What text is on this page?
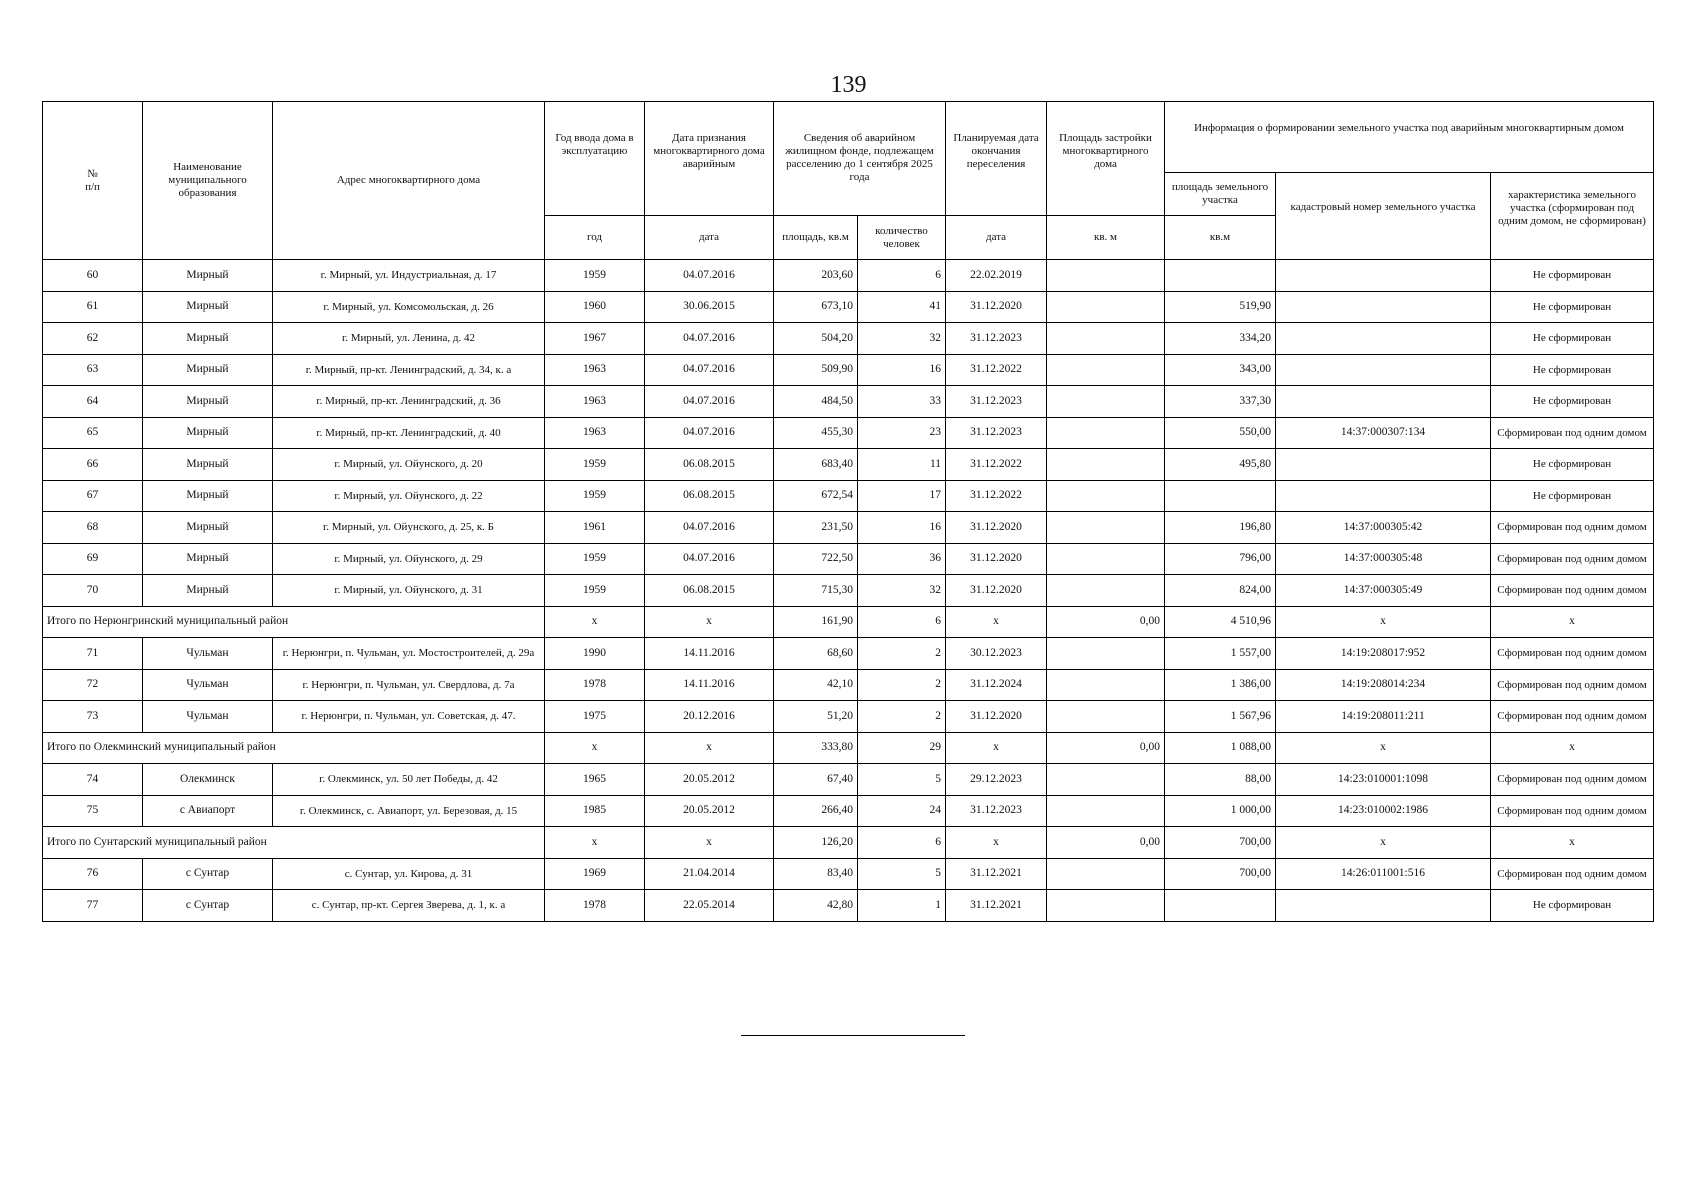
139
№
п/п	Наименование муниципального образования	Адрес многоквартирного дома	Год ввода дома в эксплуатацию	Дата признания многоквартирного дома аварийным	Сведения об аварийном жилищном фонде, подлежащем расселению до 1 сентября 2025 года		Планируемая дата окончания переселения	Площадь застройки многоквартирного дома	Информация о формировании земельного участка под аварийным многоквартирным домом		
									площадь земельного участка	кадастровый номер земельного участка	характеристика земельного участка (сформирован под одним домом, не сформирован)
			год	дата	площадь, кв.м	количество человек	дата	кв. м	кв.м		
60	Мирный	г. Мирный, ул. Индустриальная, д. 17	1959	04.07.2016	203,60	6	22.02.2019				Не сформирован
61	Мирный	г. Мирный, ул. Комсомольская, д. 26	1960	30.06.2015	673,10	41	31.12.2020		519,90		Не сформирован
62	Мирный	г. Мирный, ул. Ленина, д. 42	1967	04.07.2016	504,20	32	31.12.2023		334,20		Не сформирован
63	Мирный	г. Мирный, пр-кт. Ленинградский, д. 34, к. а	1963	04.07.2016	509,90	16	31.12.2022		343,00		Не сформирован
64	Мирный	г. Мирный, пр-кт. Ленинградский, д. 36	1963	04.07.2016	484,50	33	31.12.2023		337,30		Не сформирован
65	Мирный	г. Мирный, пр-кт. Ленинградский, д. 40	1963	04.07.2016	455,30	23	31.12.2023		550,00	14:37:000307:134	Сформирован под одним домом
66	Мирный	г. Мирный, ул. Ойунского, д. 20	1959	06.08.2015	683,40	11	31.12.2022		495,80		Не сформирован
67	Мирный	г. Мирный, ул. Ойунского, д. 22	1959	06.08.2015	672,54	17	31.12.2022				Не сформирован
68	Мирный	г. Мирный, ул. Ойунского, д. 25, к. Б	1961	04.07.2016	231,50	16	31.12.2020		196,80	14:37:000305:42	Сформирован под одним домом
69	Мирный	г. Мирный, ул. Ойунского, д. 29	1959	04.07.2016	722,50	36	31.12.2020		796,00	14:37:000305:48	Сформирован под одним домом
70	Мирный	г. Мирный, ул. Ойунского, д. 31	1959	06.08.2015	715,30	32	31.12.2020		824,00	14:37:000305:49	Сформирован под одним домом
Итого по Нерюнгринский муниципальный район			x	x	161,90	6	x	0,00	4 510,96	x	x
71	Чульман	г. Нерюнгри, п. Чульман, ул. Мостостроителей, д. 29а	1990	14.11.2016	68,60	2	30.12.2023		1 557,00	14:19:208017:952	Сформирован под одним домом
72	Чульман	г. Нерюнгри, п. Чульман, ул. Свердлова, д. 7а	1978	14.11.2016	42,10	2	31.12.2024		1 386,00	14:19:208014:234	Сформирован под одним домом
73	Чульман	г. Нерюнгри, п. Чульман, ул. Советская, д. 47.	1975	20.12.2016	51,20	2	31.12.2020		1 567,96	14:19:208011:211	Сформирован под одним домом
Итого по Олекминский муниципальный район			x	x	333,80	29	x	0,00	1 088,00	x	x
74	Олекминск	г. Олекминск, ул. 50 лет Победы, д. 42	1965	20.05.2012	67,40	5	29.12.2023		88,00	14:23:010001:1098	Сформирован под одним домом
75	с Авиапорт	г. Олекминск, с. Авиапорт, ул. Березовая, д. 15	1985	20.05.2012	266,40	24	31.12.2023		1 000,00	14:23:010002:1986	Сформирован под одним домом
Итого по Сунтарский муниципальный район			x	x	126,20	6	x	0,00	700,00	x	x
76	с Сунтар	с. Сунтар, ул. Кирова, д. 31	1969	21.04.2014	83,40	5	31.12.2021		700,00	14:26:011001:516	Сформирован под одним домом
77	с Сунтар	с. Сунтар, пр-кт. Сергея Зверева, д. 1, к. а	1978	22.05.2014	42,80	1	31.12.2021				Не сформирован
